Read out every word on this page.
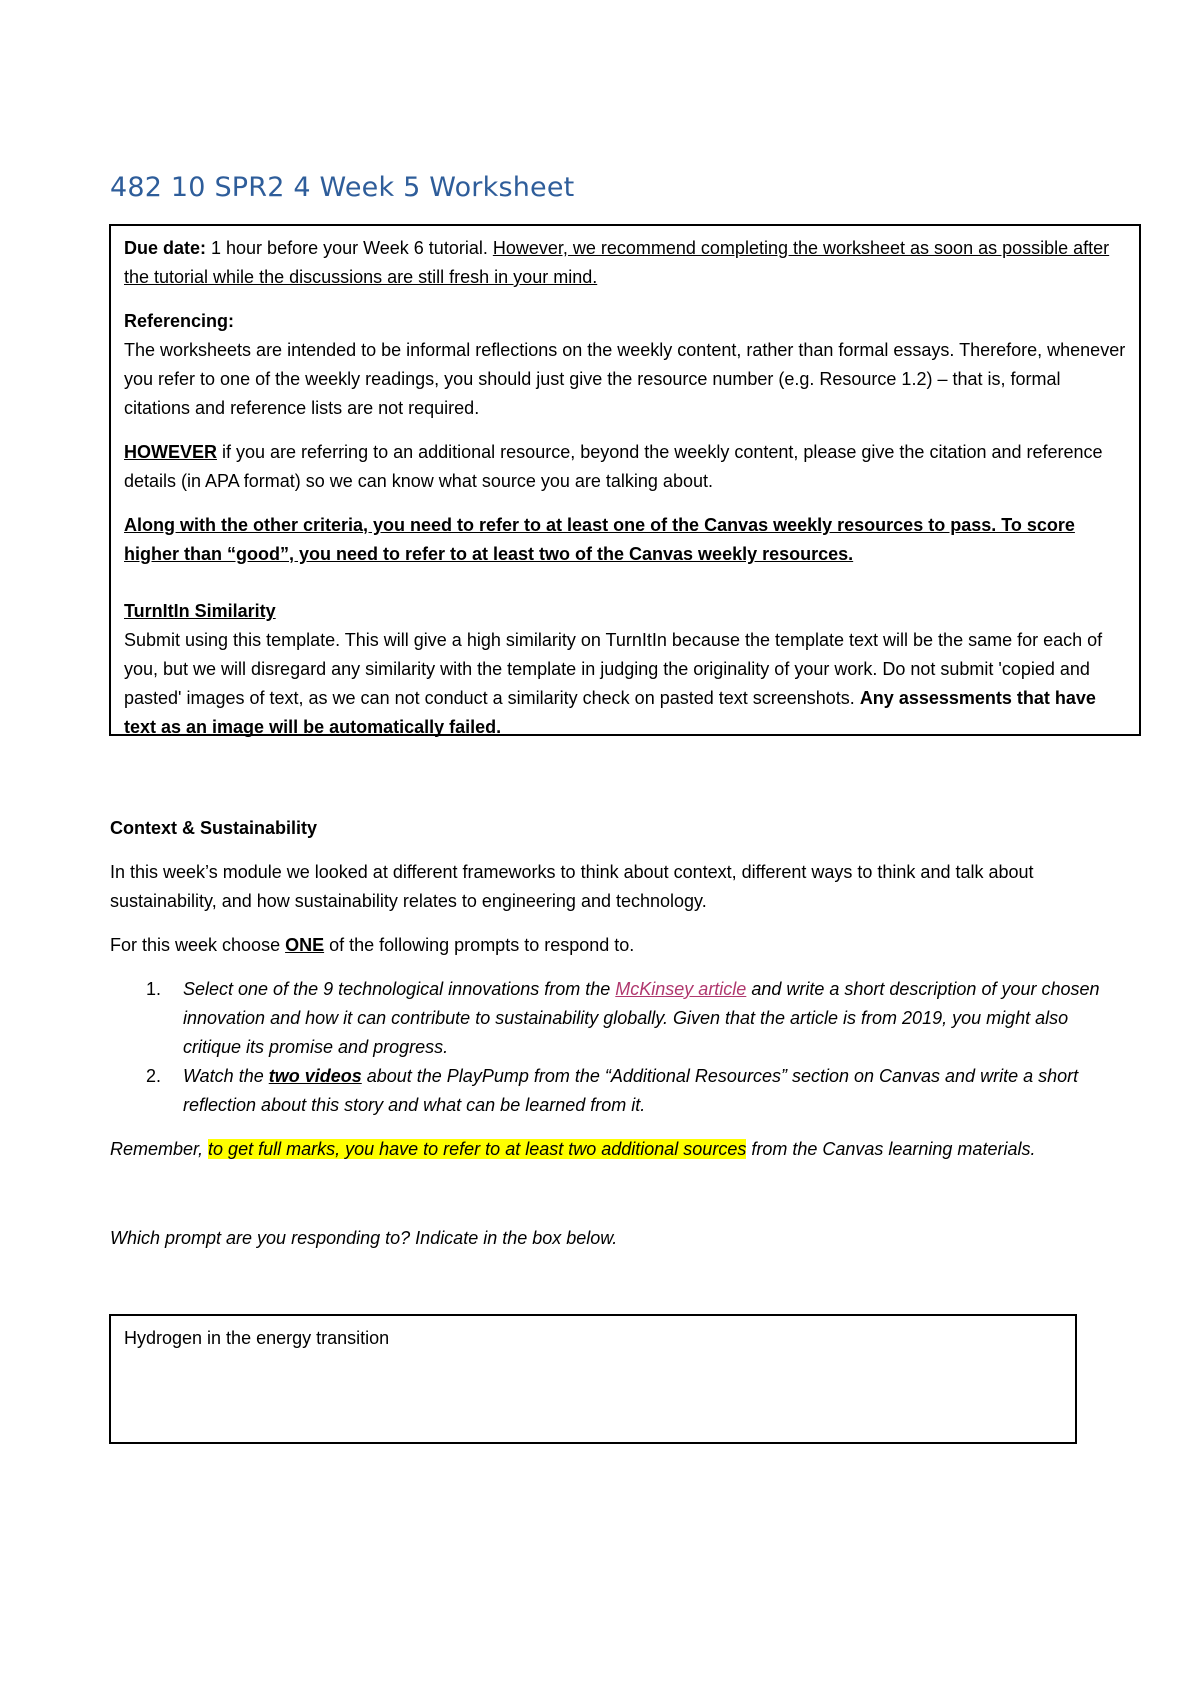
482 10 SPR2 4 Week 5 Worksheet

Due date: 1 hour before your Week 6 tutorial. However, we recommend completing the worksheet as soon as possible after the tutorial while the discussions are still fresh in your mind.

Referencing:

The worksheets are intended to be informal reflections on the weekly content, rather than formal essays. Therefore, whenever you refer to one of the weekly readings, you should just give the resource number (e.g. Resource 1.2) – that is, formal citations and reference lists are not required.

HOWEVER if you are referring to an additional resource, beyond the weekly content, please give the citation and reference details (in APA format) so we can know what source you are talking about.

Along with the other criteria, you need to refer to at least one of the Canvas weekly resources to pass. To score higher than “good”, you need to refer to at least two of the Canvas weekly resources.

TurnItIn Similarity

Submit using this template. This will give a high similarity on TurnItIn because the template text will be the same for each of you, but we will disregard any similarity with the template in judging the originality of your work. Do not submit 'copied and pasted' images of text, as we can not conduct a similarity check on pasted text screenshots. Any assessments that have text as an image will be automatically failed.

Context & Sustainability

In this week’s module we looked at different frameworks to think about context, different ways to think and talk about sustainability, and how sustainability relates to engineering and technology.

For this week choose ONE of the following prompts to respond to.

1. Select one of the 9 technological innovations from the McKinsey article and write a short description of your chosen innovation and how it can contribute to sustainability globally. Given that the article is from 2019, you might also critique its promise and progress.
2. Watch the two videos about the PlayPump from the “Additional Resources” section on Canvas and write a short reflection about this story and what can be learned from it.

Remember, to get full marks, you have to refer to at least two additional sources from the Canvas learning materials.

Which prompt are you responding to? Indicate in the box below.

Hydrogen in the energy transition
